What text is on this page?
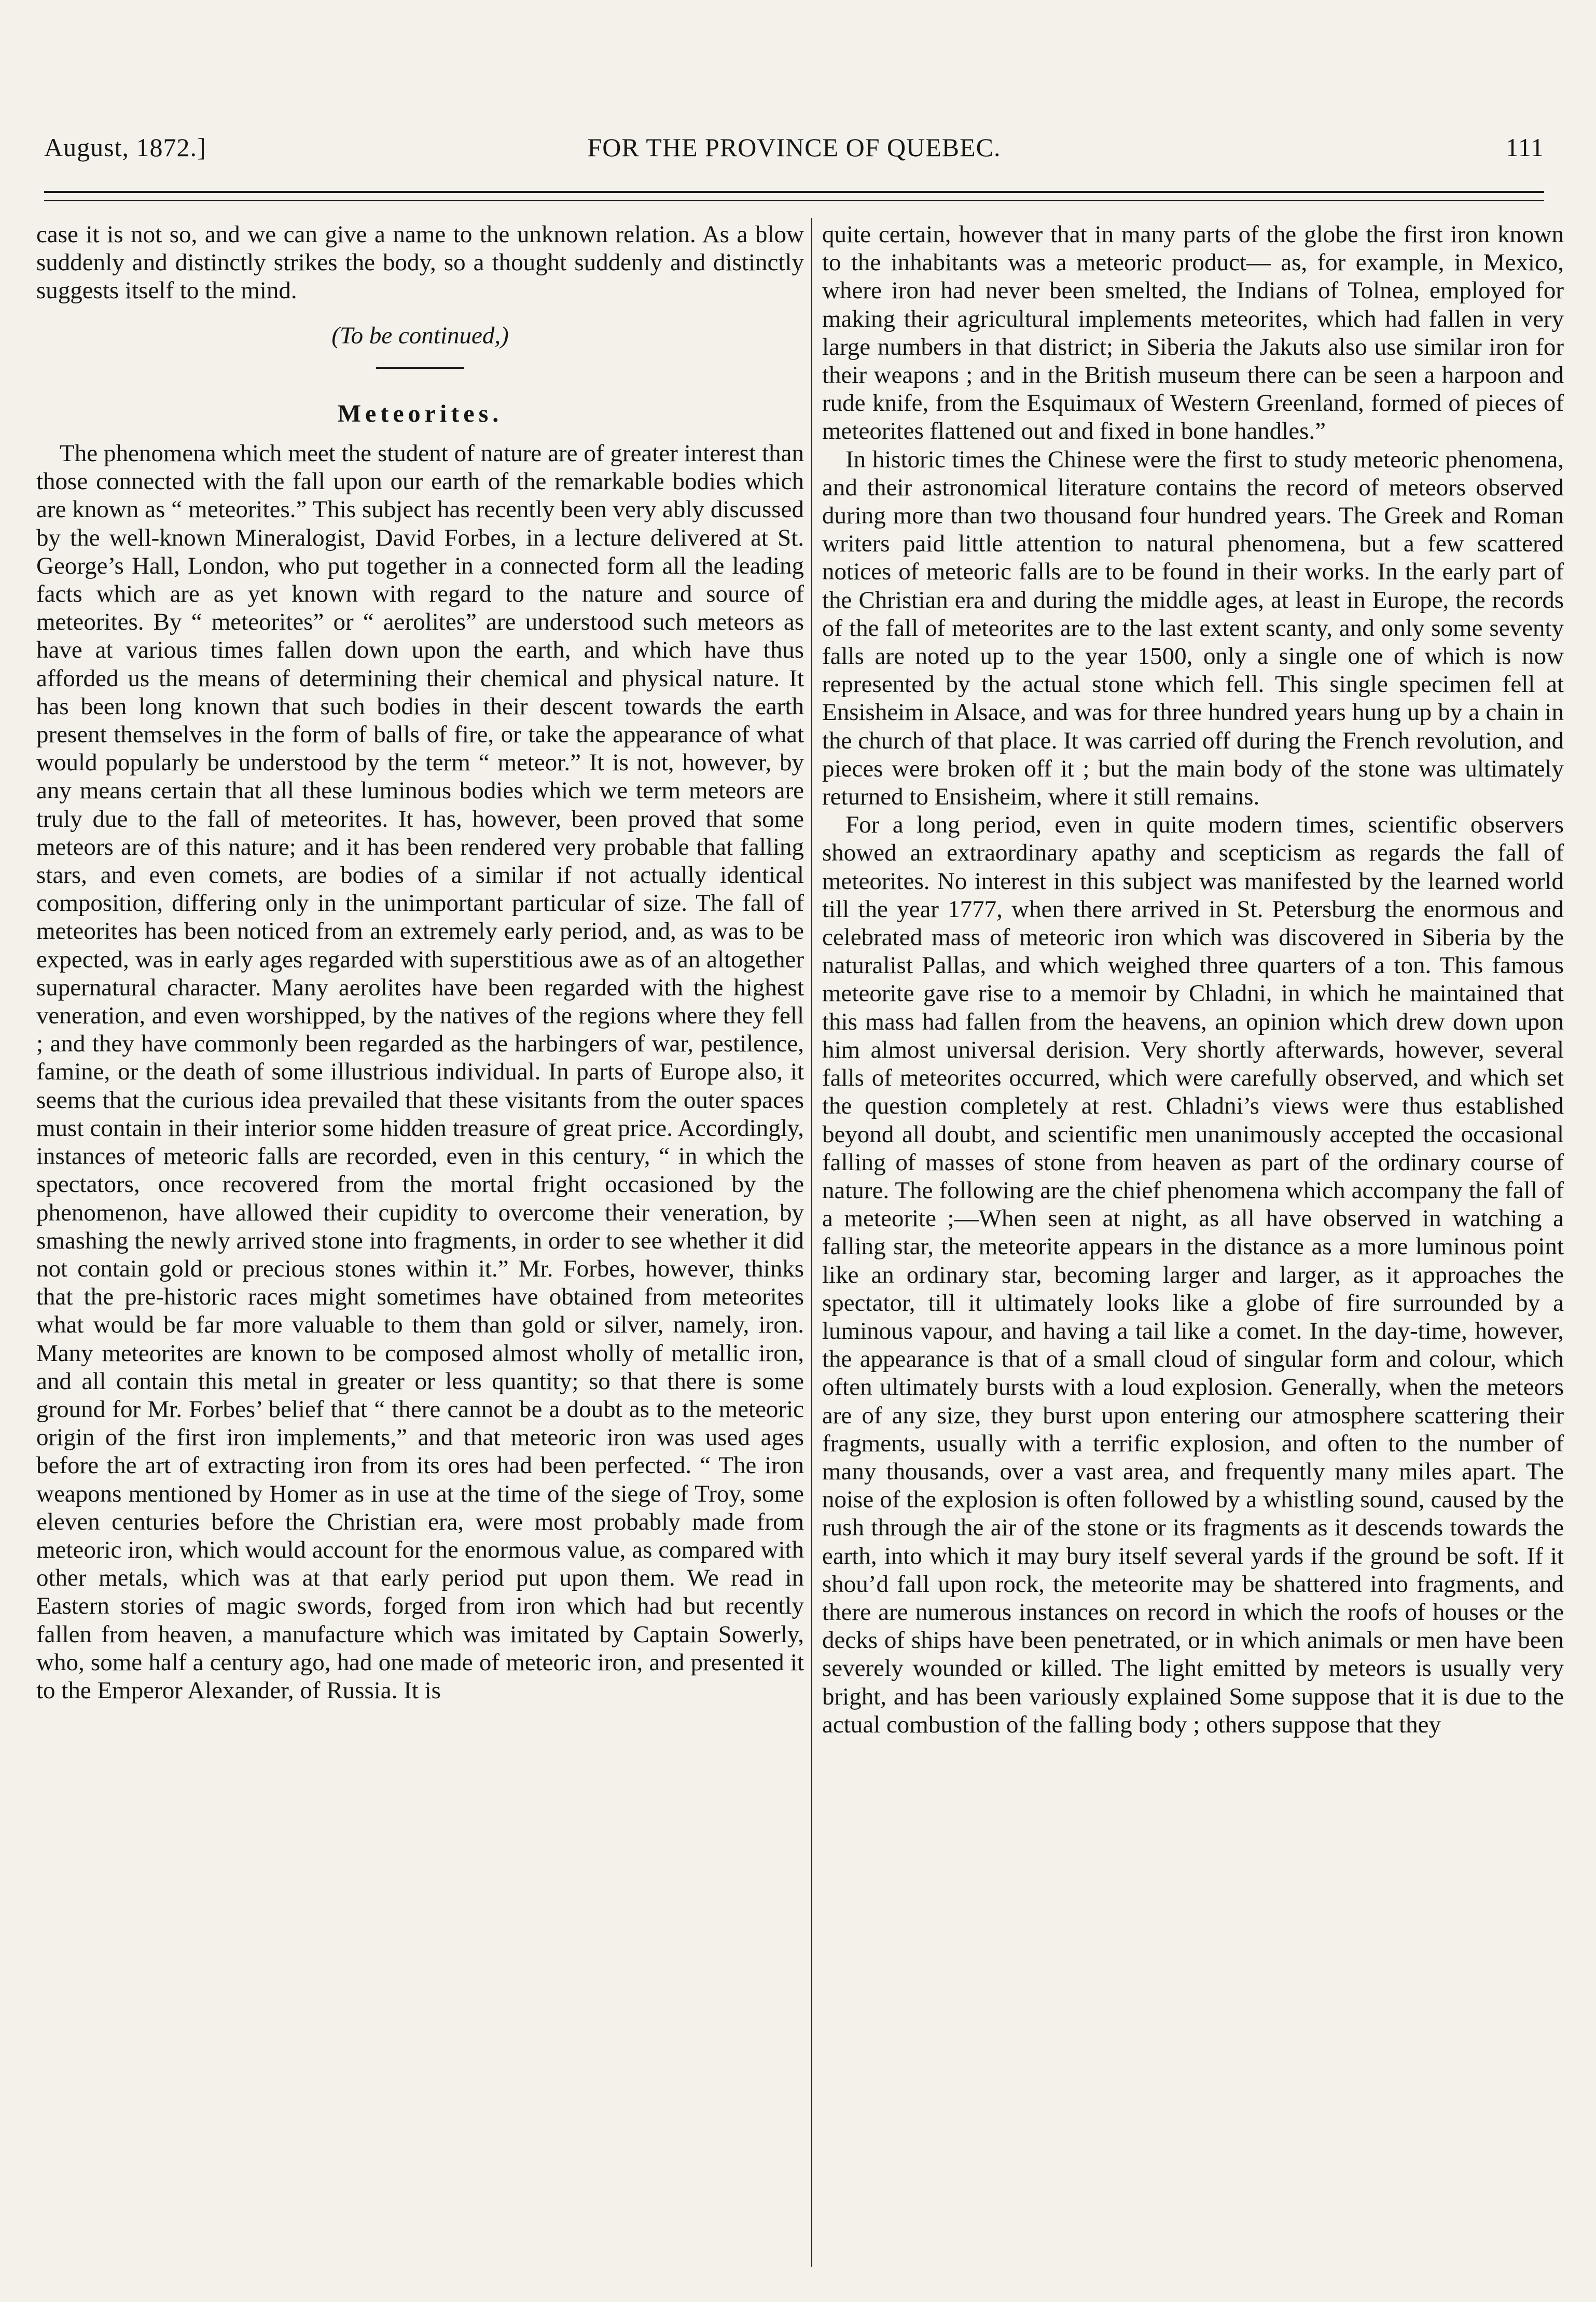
August, 1872.]	FOR THE PROVINCE OF QUEBEC.	111

case it is not so, and we can give a name to the unknown relation. As a blow suddenly and distinctly strikes the body, so a thought suddenly and distinctly suggests itself to the mind.

(To be continued,)

Meteorites.

The phenomena which meet the student of nature are of greater interest than those connected with the fall upon our earth of the remarkable bodies which are known as “ meteorites.” This subject has recently been very ably discussed by the well-known Mineralogist, David Forbes, in a lecture delivered at St. George’s Hall, London, who put together in a connected form all the leading facts which are as yet known with regard to the nature and source of meteorites. By “ meteorites” or “ aerolites” are understood such meteors as have at various times fallen down upon the earth, and which have thus afforded us the means of determining their chemical and physical nature. It has been long known that such bodies in their descent towards the earth present themselves in the form of balls of fire, or take the appearance of what would popularly be understood by the term “ meteor.” It is not, however, by any means certain that all these luminous bodies which we term meteors are truly due to the fall of meteorites. It has, however, been proved that some meteors are of this nature; and it has been rendered very probable that falling stars, and even comets, are bodies of a similar if not actually identical composition, differing only in the unimportant particular of size. The fall of meteorites has been noticed from an extremely early period, and, as was to be expected, was in early ages regarded with superstitious awe as of an altogether supernatural character. Many aerolites have been regarded with the highest veneration, and even worshipped, by the natives of the regions where they fell ; and they have commonly been regarded as the harbingers of war, pestilence, famine, or the death of some illustrious individual. In parts of Europe also, it seems that the curious idea prevailed that these visitants from the outer spaces must contain in their interior some hidden treasure of great price. Accordingly, instances of meteoric falls are recorded, even in this century, “ in which the spectators, once recovered from the mortal fright occasioned by the phenomenon, have allowed their cupidity to overcome their veneration, by smashing the newly arrived stone into fragments, in order to see whether it did not contain gold or precious stones within it.” Mr. Forbes, however, thinks that the pre-historic races might sometimes have obtained from meteorites what would be far more valuable to them than gold or silver, namely, iron. Many meteorites are known to be composed almost wholly of metallic iron, and all contain this metal in greater or less quantity; so that there is some ground for Mr. Forbes’ belief that “ there cannot be a doubt as to the meteoric origin of the first iron implements,” and that meteoric iron was used ages before the art of extracting iron from its ores had been perfected. “ The iron weapons mentioned by Homer as in use at the time of the siege of Troy, some eleven centuries before the Christian era, were most probably made from meteoric iron, which would account for the enormous value, as compared with other metals, which was at that early period put upon them. We read in Eastern stories of magic swords, forged from iron which had but recently fallen from heaven, a manufacture which was imitated by Captain Sowerly, who, some half a century ago, had one made of meteoric iron, and presented it to the Emperor Alexander, of Russia. It is

quite certain, however that in many parts of the globe the first iron known to the inhabitants was a meteoric product— as, for example, in Mexico, where iron had never been smelted, the Indians of Tolnea, employed for making their agricultural implements meteorites, which had fallen in very large numbers in that district; in Siberia the Jakuts also use similar iron for their weapons ; and in the British museum there can be seen a harpoon and rude knife, from the Esquimaux of Western Greenland, formed of pieces of meteorites flattened out and fixed in bone handles.”

In historic times the Chinese were the first to study meteoric phenomena, and their astronomical literature contains the record of meteors observed during more than two thousand four hundred years. The Greek and Roman writers paid little attention to natural phenomena, but a few scattered notices of meteoric falls are to be found in their works. In the early part of the Christian era and during the middle ages, at least in Europe, the records of the fall of meteorites are to the last extent scanty, and only some seventy falls are noted up to the year 1500, only a single one of which is now represented by the actual stone which fell. This single specimen fell at Ensisheim in Alsace, and was for three hundred years hung up by a chain in the church of that place. It was carried off during the French revolution, and pieces were broken off it ; but the main body of the stone was ultimately returned to Ensisheim, where it still remains.

For a long period, even in quite modern times, scientific observers showed an extraordinary apathy and scepticism as regards the fall of meteorites. No interest in this subject was manifested by the learned world till the year 1777, when there arrived in St. Petersburg the enormous and celebrated mass of meteoric iron which was discovered in Siberia by the naturalist Pallas, and which weighed three quarters of a ton. This famous meteorite gave rise to a memoir by Chladni, in which he maintained that this mass had fallen from the heavens, an opinion which drew down upon him almost universal derision. Very shortly afterwards, however, several falls of meteorites occurred, which were carefully observed, and which set the question completely at rest. Chladni’s views were thus established beyond all doubt, and scientific men unanimously accepted the occasional falling of masses of stone from heaven as part of the ordinary course of nature. The following are the chief phenomena which accompany the fall of a meteorite ;—When seen at night, as all have observed in watching a falling star, the meteorite appears in the distance as a more luminous point like an ordinary star, becoming larger and larger, as it approaches the spectator, till it ultimately looks like a globe of fire surrounded by a luminous vapour, and having a tail like a comet. In the day-time, however, the appearance is that of a small cloud of singular form and colour, which often ultimately bursts with a loud explosion. Generally, when the meteors are of any size, they burst upon entering our atmosphere scattering their fragments, usually with a terrific explosion, and often to the number of many thousands, over a vast area, and frequently many miles apart. The noise of the explosion is often followed by a whistling sound, caused by the rush through the air of the stone or its fragments as it descends towards the earth, into which it may bury itself several yards if the ground be soft. If it shou’d fall upon rock, the meteorite may be shattered into fragments, and there are numerous instances on record in which the roofs of houses or the decks of ships have been penetrated, or in which animals or men have been severely wounded or killed. The light emitted by meteors is usually very bright, and has been variously explained Some suppose that it is due to the actual combustion of the falling body ; others suppose that they
